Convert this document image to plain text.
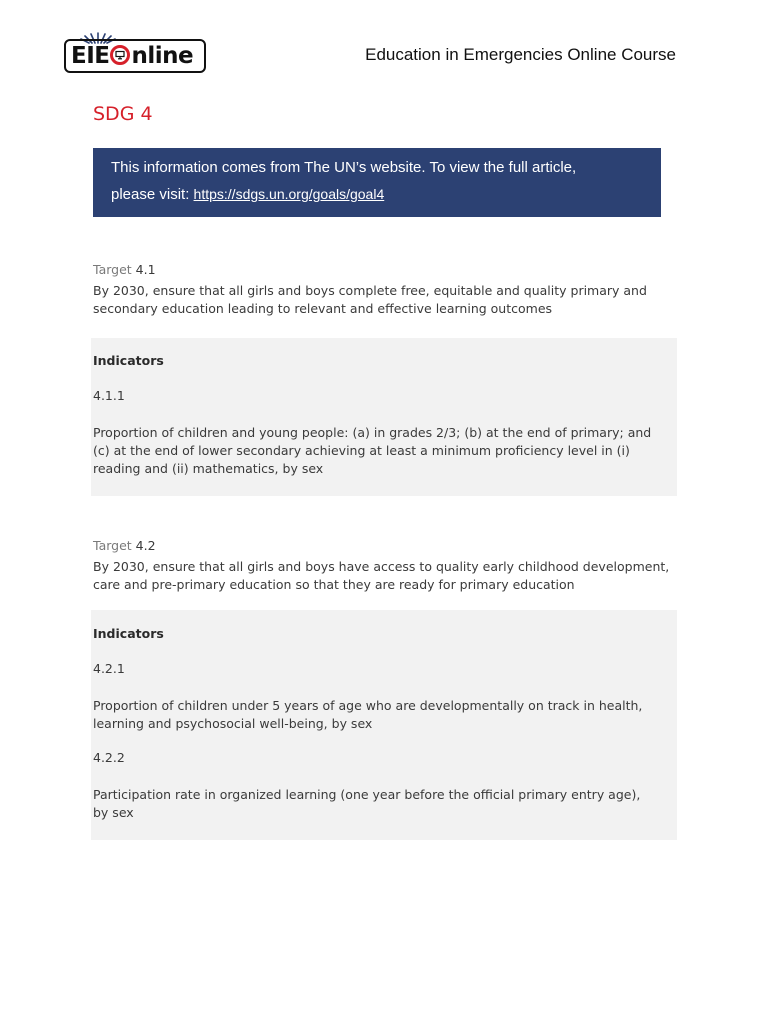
EIE nline	Education in Emergencies Online Course
SDG 4
This information comes from The UN’s website. To view the full article,
please visit: https://sdgs.un.org/goals/goal4
Target 4.1
By 2030, ensure that all girls and boys complete free, equitable and quality primary and secondary education leading to relevant and effective learning outcomes

Indicators

4.1.1

Proportion of children and young people: (a) in grades 2/3; (b) at the end of primary; and (c) at the end of lower secondary achieving at least a minimum proficiency level in (i) reading and (ii) mathematics, by sex

Target 4.2
By 2030, ensure that all girls and boys have access to quality early childhood development, care and pre-primary education so that they are ready for primary education

Indicators

4.2.1

Proportion of children under 5 years of age who are developmentally on track in health, learning and psychosocial well-being, by sex

4.2.2

Participation rate in organized learning (one year before the official primary entry age), by sex
